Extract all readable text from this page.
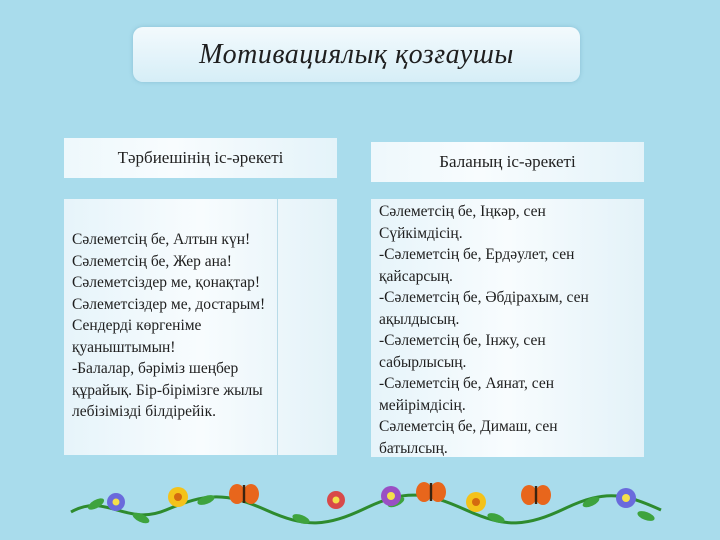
Мотивациялық қозғаушы
Тәрбиешінің іс-әрекеті	Баланың іс-әрекеті
Сәлеметсің бе, Алтын күн!
Сәлеметсің бе, Жер ана!
Сәлеметсіздер ме, қонақтар!
Сәлеметсіздер ме, достарым!
Сендерді көргеніме
қуаныштымын!
-Балалар, бәріміз шеңбер
құрайық. Бір-бірімізге жылы
лебізімізді білдірейік.
Сәлеметсің бе, Іңкәр, сен
Сүйкімдісің.
-Сәлеметсің бе, Ердәулет, сен
қайсарсың.
-Сәлеметсің бе, Әбдірахым, сен
ақылдысың.
-Сәлеметсің бе, Інжу, сен
сабырлысың.
-Сәлеметсің бе, Аянат, сен
мейірімдісің.
Сәлеметсің бе, Димаш, сен
батылсың.
